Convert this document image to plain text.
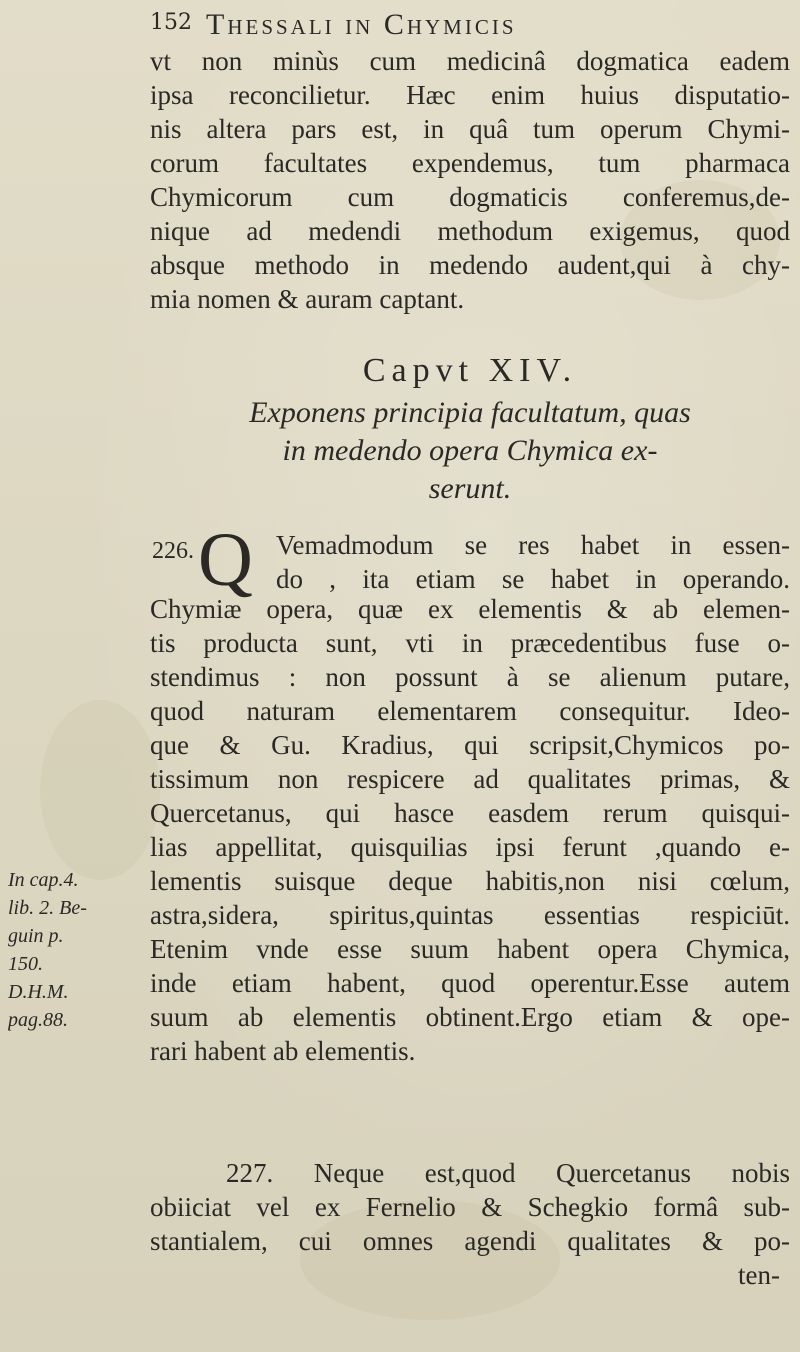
152 Thessali in Chymicis
vt non minùs cum medicinâ dogmatica eadem
ipsa reconcilietur. Hæc enim huius disputatio-
nis altera pars est, in quâ tum operum Chymi-
corum facultates expendemus, tum pharmaca
Chymicorum cum dogmaticis conferemus,de-
nique ad medendi methodum exigemus, quod
absque methodo in medendo audent,qui à chy-
mia nomen & auram captant.
Capvt XIV.
Exponens principia facultatum, quas
in medendo opera Chymica ex-
serunt.
226. Q Vemadmodum se res habet in essen-
do , ita etiam se habet in operando.
Chymiæ opera, quæ ex elementis & ab elemen-
tis producta sunt, vti in præcedentibus fuse o-
stendimus : non possunt à se alienum putare,
quod naturam elementarem consequitur. Ideo-
que & Gu. Kradius, qui scripsit,Chymicos po-
tissimum non respicere ad qualitates primas, &
Quercetanus, qui hasce easdem rerum quisqui-
lias appellitat, quisquilias ipsi ferunt ,quando e-
lementis suisque deque habitis,non nisi cœlum,
astra,sidera, spiritus,quintas essentias respiciūt.
Etenim vnde esse suum habent opera Chymica,
inde etiam habent, quod operentur.Esse autem
suum ab elementis obtinent.Ergo etiam & ope-
rari habent ab elementis.
In cap.4.
lib. 2. Be-
guin p.
150.
D.H.M.
pag.88.
227. Neque est,quod Quercetanus nobis
obiiciat vel ex Fernelio & Schegkio formâ sub-
stantialem, cui omnes agendi qualitates & po-
ten-
